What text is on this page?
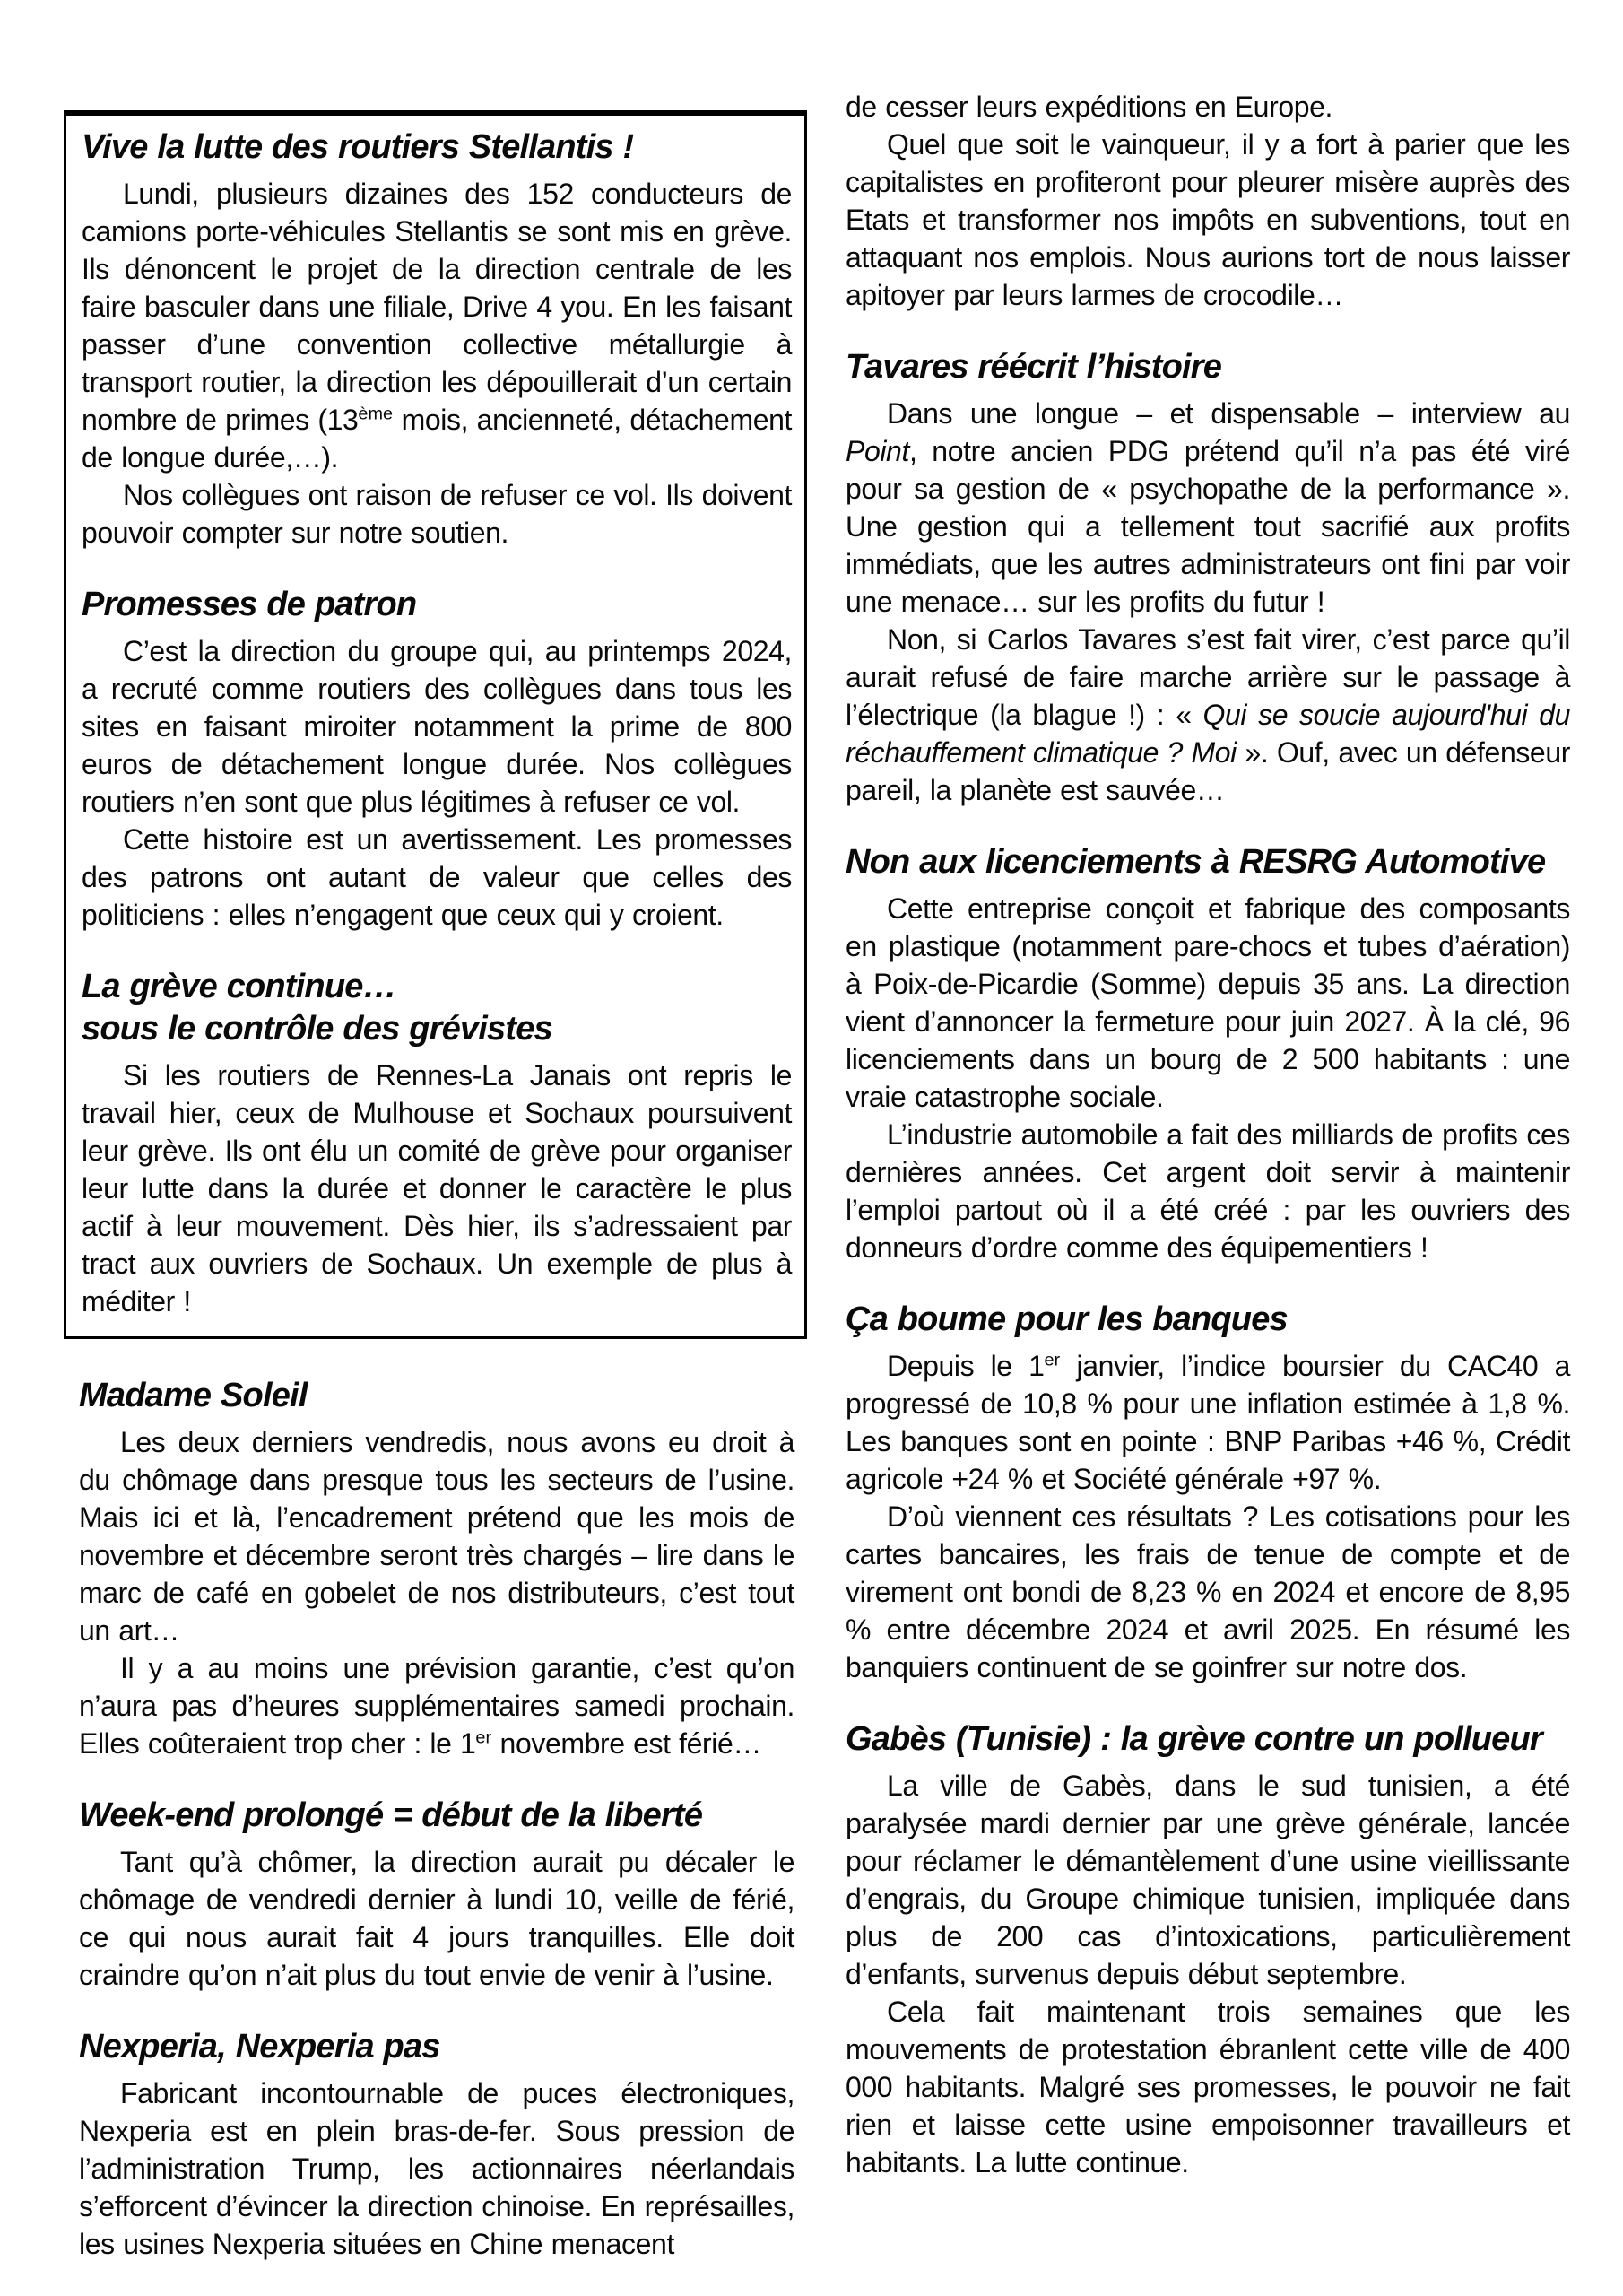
Vive la lutte des routiers Stellantis !

Lundi, plusieurs dizaines des 152 conducteurs de camions porte-véhicules Stellantis se sont mis en grève. Ils dénoncent le projet de la direction centrale de les faire basculer dans une filiale, Drive 4 you. En les faisant passer d’une convention collective métallurgie à transport routier, la direction les dépouillerait d’un certain nombre de primes (13ème mois, ancienneté, détachement de longue durée,…).

Nos collègues ont raison de refuser ce vol. Ils doivent pouvoir compter sur notre soutien.

Promesses de patron

C’est la direction du groupe qui, au printemps 2024, a recruté comme routiers des collègues dans tous les sites en faisant miroiter notamment la prime de 800 euros de détachement longue durée. Nos collègues routiers n’en sont que plus légitimes à refuser ce vol.

Cette histoire est un avertissement. Les promesses des patrons ont autant de valeur que celles des politiciens : elles n’engagent que ceux qui y croient.

La grève continue…
sous le contrôle des grévistes

Si les routiers de Rennes-La Janais ont repris le travail hier, ceux de Mulhouse et Sochaux poursuivent leur grève. Ils ont élu un comité de grève pour organiser leur lutte dans la durée et donner le caractère le plus actif à leur mouvement. Dès hier, ils s’adressaient par tract aux ouvriers de Sochaux. Un exemple de plus à méditer !

Madame Soleil

Les deux derniers vendredis, nous avons eu droit à du chômage dans presque tous les secteurs de l’usine. Mais ici et là, l’encadrement prétend que les mois de novembre et décembre seront très chargés – lire dans le marc de café en gobelet de nos distributeurs, c’est tout un art…

Il y a au moins une prévision garantie, c’est qu’on n’aura pas d’heures supplémentaires samedi prochain. Elles coûteraient trop cher : le 1er novembre est férié…

Week-end prolongé = début de la liberté

Tant qu’à chômer, la direction aurait pu décaler le chômage de vendredi dernier à lundi 10, veille de férié, ce qui nous aurait fait 4 jours tranquilles. Elle doit craindre qu’on n’ait plus du tout envie de venir à l’usine.

Nexperia, Nexperia pas

Fabricant incontournable de puces électroniques, Nexperia est en plein bras-de-fer. Sous pression de l’administration Trump, les actionnaires néerlandais s’efforcent d’évincer la direction chinoise. En représailles, les usines Nexperia situées en Chine menacent

de cesser leurs expéditions en Europe.

Quel que soit le vainqueur, il y a fort à parier que les capitalistes en profiteront pour pleurer misère auprès des Etats et transformer nos impôts en subventions, tout en attaquant nos emplois. Nous aurions tort de nous laisser apitoyer par leurs larmes de crocodile…

Tavares réécrit l’histoire

Dans une longue – et dispensable – interview au Point, notre ancien PDG prétend qu’il n’a pas été viré pour sa gestion de « psychopathe de la performance ». Une gestion qui a tellement tout sacrifié aux profits immédiats, que les autres administrateurs ont fini par voir une menace… sur les profits du futur !

Non, si Carlos Tavares s’est fait virer, c’est parce qu’il aurait refusé de faire marche arrière sur le passage à l’électrique (la blague !) : « Qui se soucie aujourd'hui du réchauffement climatique ? Moi ». Ouf, avec un défenseur pareil, la planète est sauvée…

Non aux licenciements à RESRG Automotive

Cette entreprise conçoit et fabrique des composants en plastique (notamment pare-chocs et tubes d’aération) à Poix-de-Picardie (Somme) depuis 35 ans. La direction vient d’annoncer la fermeture pour juin 2027. À la clé, 96 licenciements dans un bourg de 2 500 habitants : une vraie catastrophe sociale.

L’industrie automobile a fait des milliards de profits ces dernières années. Cet argent doit servir à maintenir l’emploi partout où il a été créé : par les ouvriers des donneurs d’ordre comme des équipementiers !

Ça boume pour les banques

Depuis le 1er janvier, l’indice boursier du CAC40 a progressé de 10,8 % pour une inflation estimée à 1,8 %. Les banques sont en pointe : BNP Paribas +46 %, Crédit agricole +24 % et Société générale +97 %.

D’où viennent ces résultats ? Les cotisations pour les cartes bancaires, les frais de tenue de compte et de virement ont bondi de 8,23 % en 2024 et encore de 8,95 % entre décembre 2024 et avril 2025. En résumé les banquiers continuent de se goinfrer sur notre dos.

Gabès (Tunisie) : la grève contre un pollueur

La ville de Gabès, dans le sud tunisien, a été paralysée mardi dernier par une grève générale, lancée pour réclamer le démantèlement d’une usine vieillissante d’engrais, du Groupe chimique tunisien, impliquée dans plus de 200 cas d’intoxications, particulièrement d’enfants, survenus depuis début septembre.

Cela fait maintenant trois semaines que les mouvements de protestation ébranlent cette ville de 400 000 habitants. Malgré ses promesses, le pouvoir ne fait rien et laisse cette usine empoisonner travailleurs et habitants. La lutte continue.
